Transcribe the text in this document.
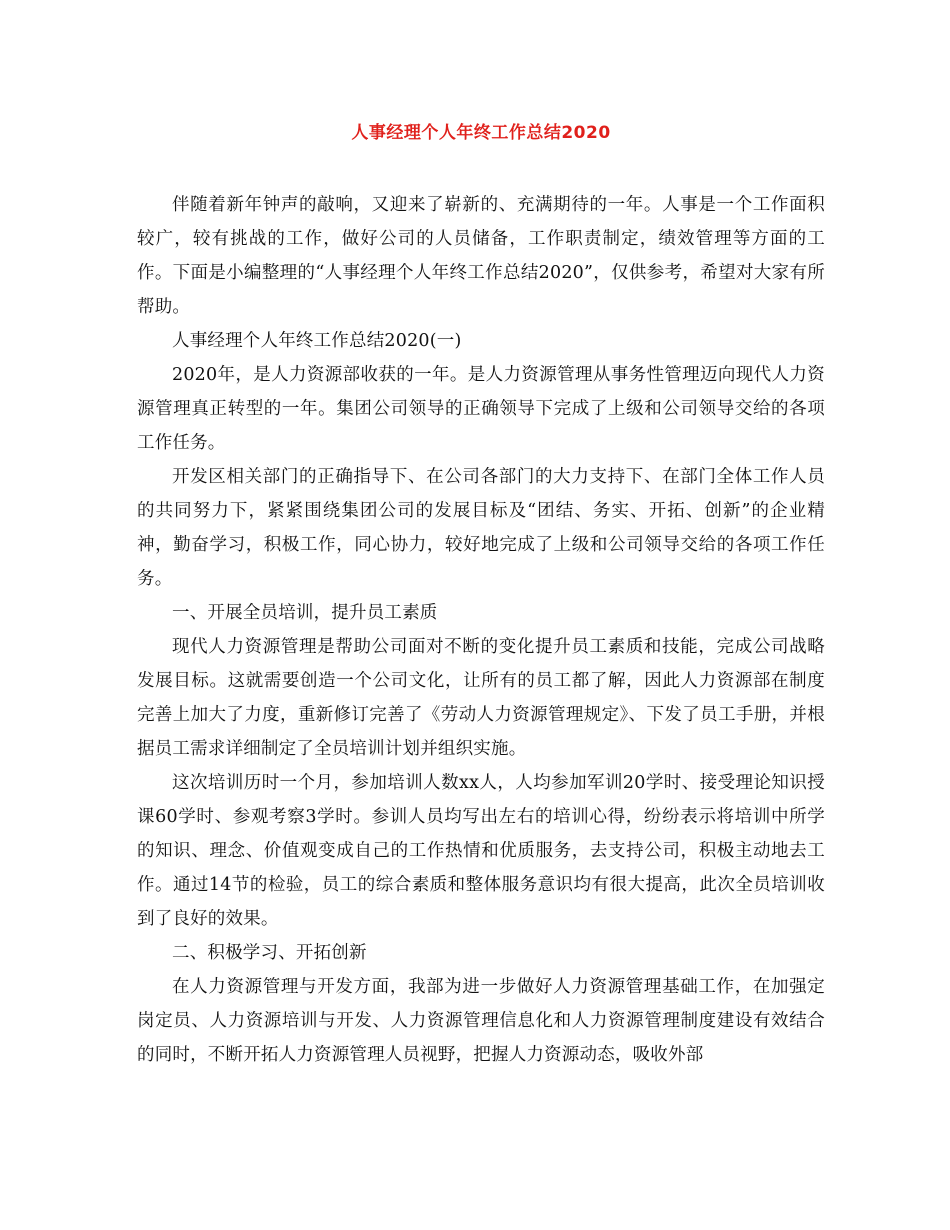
人事经理个人年终工作总结2020

伴随着新年钟声的敲响，又迎来了崭新的、充满期待的一年。人事是一个工作面积较广，较有挑战的工作，做好公司的人员储备，工作职责制定，绩效管理等方面的工作。下面是小编整理的“人事经理个人年终工作总结2020”，仅供参考，希望对大家有所帮助。

人事经理个人年终工作总结2020(一)

2020年，是人力资源部收获的一年。是人力资源管理从事务性管理迈向现代人力资源管理真正转型的一年。集团公司领导的正确领导下完成了上级和公司领导交给的各项工作任务。

开发区相关部门的正确指导下、在公司各部门的大力支持下、在部门全体工作人员的共同努力下，紧紧围绕集团公司的发展目标及“团结、务实、开拓、创新”的企业精神，勤奋学习，积极工作，同心协力，较好地完成了上级和公司领导交给的各项工作任务。

一、开展全员培训，提升员工素质

现代人力资源管理是帮助公司面对不断的变化提升员工素质和技能，完成公司战略发展目标。这就需要创造一个公司文化，让所有的员工都了解，因此人力资源部在制度完善上加大了力度，重新修订完善了《劳动人力资源管理规定》、下发了员工手册，并根据员工需求详细制定了全员培训计划并组织实施。

这次培训历时一个月，参加培训人数xx人，人均参加军训20学时、接受理论知识授课60学时、参观考察3学时。参训人员均写出左右的培训心得，纷纷表示将培训中所学的知识、理念、价值观变成自己的工作热情和优质服务，去支持公司，积极主动地去工作。通过14节的检验，员工的综合素质和整体服务意识均有很大提高，此次全员培训收到了良好的效果。

二、积极学习、开拓创新

在人力资源管理与开发方面，我部为进一步做好人力资源管理基础工作，在加强定岗定员、人力资源培训与开发、人力资源管理信息化和人力资源管理制度建设有效结合的同时，不断开拓人力资源管理人员视野，把握人力资源动态，吸收外部
